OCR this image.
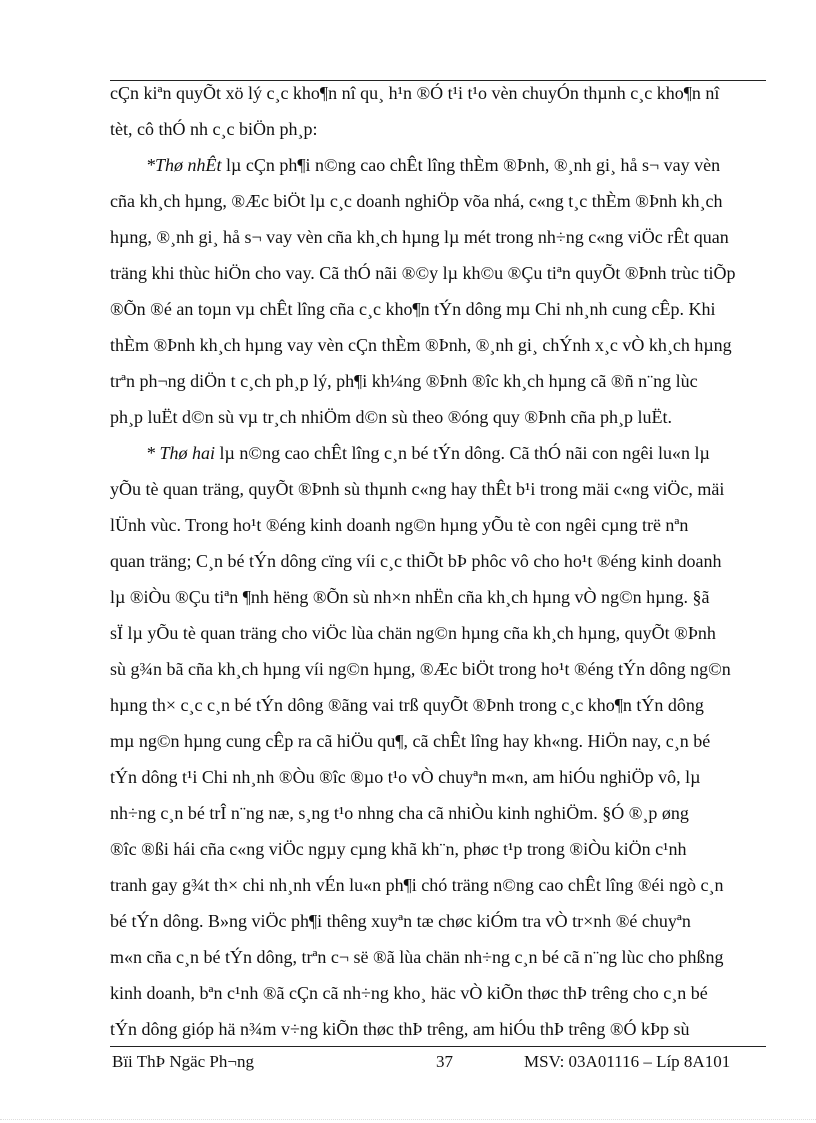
cÇn kiªn quyÕt xö lý c¸c kho¶n nî qu¸ h¹n ®Ó t¹i t¹o vèn chuyÓn thµnh c¸c kho¶n nî
tèt, cô thÓ nh c¸c biÖn ph¸p:
*Thø nhÊt lµ cÇn ph¶i n©ng cao chÊt lîng thÈm ®Þnh, ®¸nh gi¸ hå s¬ vay vèn
cña kh¸ch hµng, ®Æc biÖt lµ c¸c doanh nghiÖp võa nhá, c«ng t¸c thÈm ®Þnh kh¸ch
hµng, ®¸nh gi¸ hå s¬ vay vèn cña kh¸ch hµng lµ mét trong nh÷ng c«ng viÖc rÊt quan
träng khi thùc hiÖn cho vay. Cã thÓ nãi ®©y lµ kh©u ®Çu tiªn quyÕt ®Þnh trùc tiÕp
®Õn ®é an toµn vµ chÊt lîng cña c¸c kho¶n tÝn dông mµ Chi nh¸nh cung cÊp. Khi
thÈm ®Þnh kh¸ch hµng vay vèn cÇn thÈm ®Þnh, ®¸nh gi¸ chÝnh x¸c vÒ kh¸ch hµng
trªn ph¬ng diÖn t c¸ch ph¸p lý, ph¶i kh¼ng ®Þnh ®îc kh¸ch hµng cã ®ñ n¨ng lùc
ph¸p luËt d©n sù vµ tr¸ch nhiÖm d©n sù theo ®óng quy ®Þnh cña ph¸p luËt.
* Thø hai lµ n©ng cao chÊt lîng c¸n bé tÝn dông. Cã thÓ nãi con ngêi lu«n lµ
yÕu tè quan träng, quyÕt ®Þnh sù thµnh c«ng hay thÊt b¹i trong mäi c«ng viÖc, mäi
lÜnh vùc. Trong ho¹t ®éng kinh doanh ng©n hµng yÕu tè con ngêi cµng trë nªn
quan träng; C¸n bé tÝn dông cïng víi c¸c thiÕt bÞ phôc vô cho ho¹t ®éng kinh doanh
lµ ®iÒu ®Çu tiªn ¶nh hëng ®Õn sù nh×n nhËn cña kh¸ch hµng vÒ ng©n hµng. §ã
sÏ lµ yÕu tè quan träng cho viÖc lùa chän ng©n hµng cña kh¸ch hµng, quyÕt ®Þnh
sù g¾n bã cña kh¸ch hµng víi ng©n hµng, ®Æc biÖt trong ho¹t ®éng tÝn dông ng©n
hµng th× c¸c c¸n bé tÝn dông ®ãng vai trß quyÕt ®Þnh trong c¸c kho¶n tÝn dông
mµ ng©n hµng cung cÊp ra cã hiÖu qu¶, cã chÊt lîng hay kh«ng. HiÖn nay, c¸n bé
tÝn dông t¹i Chi nh¸nh ®Òu ®îc ®µo t¹o vÒ chuyªn m«n, am hiÓu nghiÖp vô, lµ
nh÷ng c¸n bé trÎ n¨ng næ, s¸ng t¹o nhng cha cã nhiÒu kinh nghiÖm. §Ó ®¸p øng
®îc ®ßi hái cña c«ng viÖc ngµy cµng khã kh¨n, phøc t¹p trong ®iÒu kiÖn c¹nh
tranh gay g¾t th× chi nh¸nh vÉn lu«n ph¶i chó träng n©ng cao chÊt lîng ®éi ngò c¸n
bé tÝn dông. B»ng viÖc ph¶i thêng xuyªn tæ chøc kiÓm tra vÒ tr×nh ®é chuyªn
m«n cña c¸n bé tÝn dông, trªn c¬ së ®ã lùa chän nh÷ng c¸n bé cã n¨ng lùc cho phßng
kinh doanh, bªn c¹nh ®ã cÇn cã nh÷ng kho¸ häc vÒ kiÕn thøc thÞ trêng cho c¸n bé
tÝn dông gióp hä n¾m v÷ng kiÕn thøc thÞ trêng, am hiÓu thÞ trêng ®Ó kÞp sù
Bïi ThÞ Ngäc Ph¬ng	37	MSV: 03A01116 – Líp 8A101
